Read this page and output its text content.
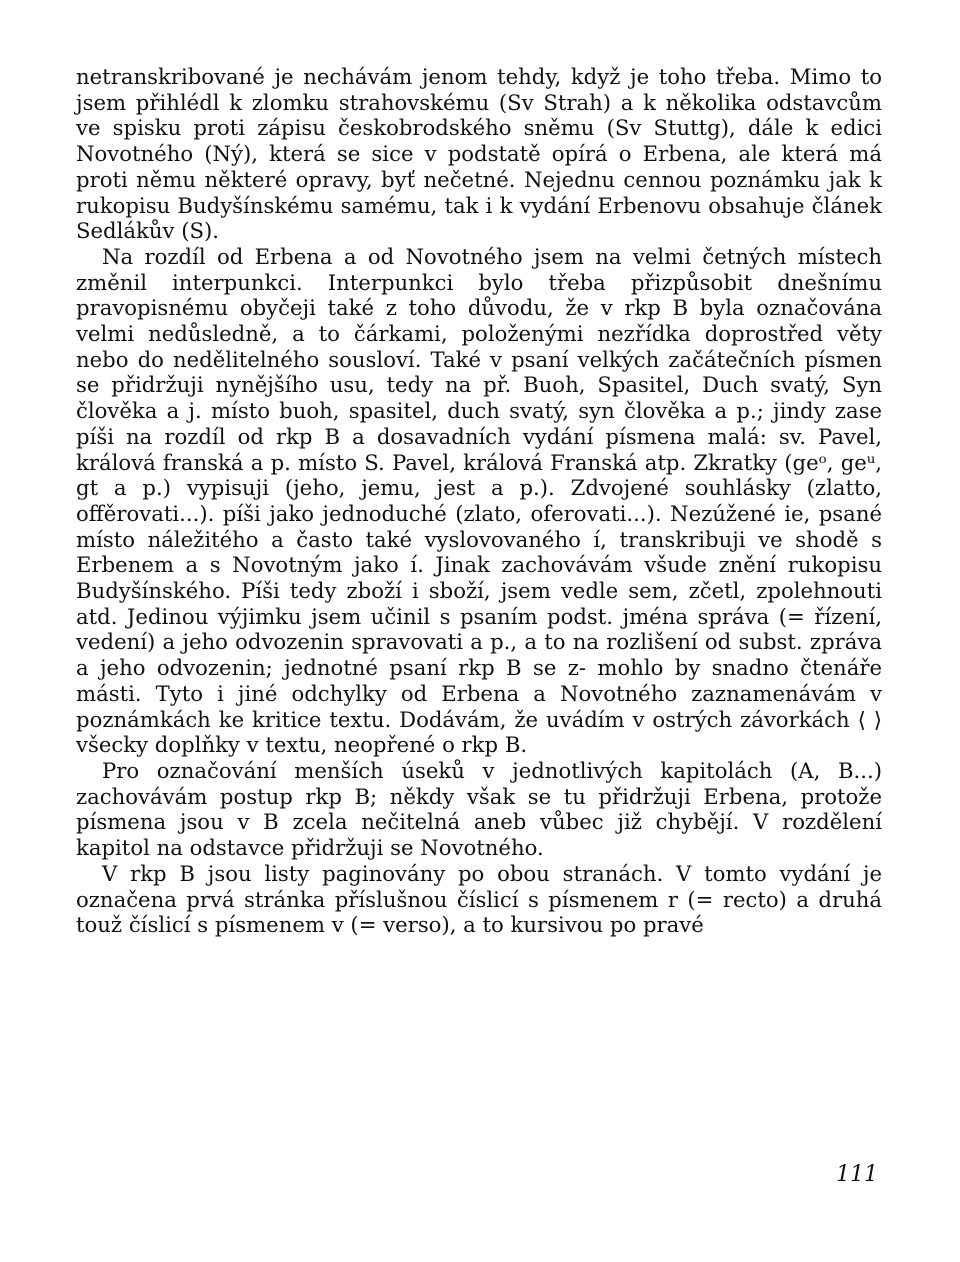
netranskribované je nechávám jenom tehdy, když je toho třeba. Mimo to jsem přihlédl k zlomku strahovskému (Sv Strah) a k několika odstavcům ve spisku proti zápisu českobrodského sněmu (Sv Stuttg), dále k edici Novotného (Ný), která se sice v podstatě opírá o Erbena, ale která má proti němu některé opravy, byť nečetné. Nejednu cennou poznámku jak k rukopisu Budyšínskému samému, tak i k vydání Erbenovu obsahuje článek Sedlákův (S).

Na rozdíl od Erbena a od Novotného jsem na velmi četných místech změnil interpunkci. Interpunkci bylo třeba přizpůsobit dnešnímu pravopisnému obyčeji také z toho důvodu, že v rkp B byla označována velmi nedůsledně, a to čárkami, položenými nezřídka doprostřed věty nebo do nedělitelného sousloví. Také v psaní velkých začátečních písmen se přidržuji nynějšího usu, tedy na př. Buoh, Spasitel, Duch svatý, Syn člověka a j. místo buoh, spasitel, duch svatý, syn člověka a p.; jindy zase píši na rozdíl od rkp B a dosavadních vydání písmena malá: sv. Pavel, králová franská a p. místo S. Pavel, králová Franská atp. Zkratky (geᵒ, geᵘ, gt a p.) vypisuji (jeho, jemu, jest a p.). Zdvojené souhlásky (zlatto, offěrovati...). píši jako jednoduché (zlato, oferovati...). Nezúžené ie, psané místo náležitého a často také vyslovovaného í, transkribuji ve shodě s Erbenem a s Novotným jako í. Jinak zachovávám všude znění rukopisu Budyšínského. Píši tedy zboží i sboží, jsem vedle sem, zčetl, zpolehnouti atd. Jedinou výjimku jsem učinil s psaním podst. jména správa (= řízení, vedení) a jeho odvozenin spravovati a p., a to na rozlišení od subst. zpráva a jeho odvozenin; jednotné psaní rkp B se z- mohlo by snadno čtenáře másti. Tyto i jiné odchylky od Erbena a Novotného zaznamenávám v poznámkách ke kritice textu. Dodávám, že uvádím v ostrých závorkách ⟨ ⟩ všecky doplňky v textu, neopřené o rkp B.

Pro označování menších úseků v jednotlivých kapitolách (A, B...) zachovávám postup rkp B; někdy však se tu přidržuji Erbena, protože písmena jsou v B zcela nečitelná aneb vůbec již chybějí. V rozdělení kapitol na odstavce přidržuji se Novotného.

V rkp B jsou listy paginovány po obou stranách. V tomto vydání je označena prvá stránka příslušnou číslicí s písmenem r (= recto) a druhá touž číslicí s písmenem v (= verso), a to kursivou po pravé

111
